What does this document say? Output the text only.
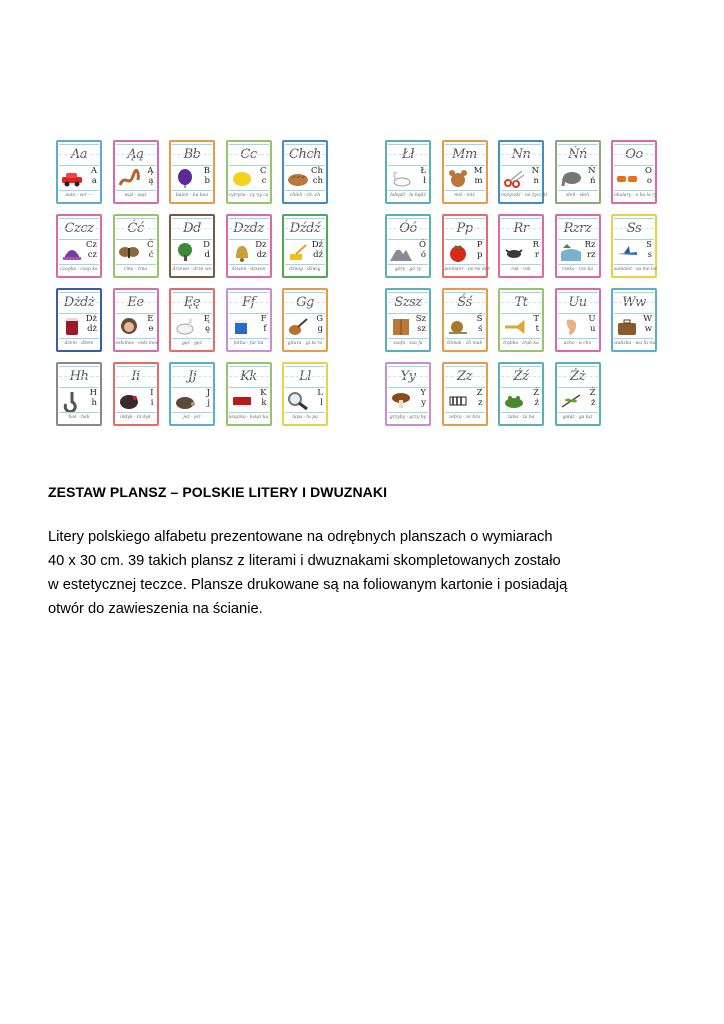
Aa
A
a
auto · ser ···
Ąą
Ą
ą
wąż · wąż
Bb
B
b
balon · ba bao
Cc
C
c
cytryna · cy ny ca
Chch
Ch
ch
chleb · ch..ch
Czcz
Cz
cz
czapka · czap ka
Ćć
Ć
ć
ćma · ćma
Dd
D
d
drzewo · drze wo
Dzdz
Dz
dz
dzwon · dzwon
Dźdź
Dź
dź
dźwig · dźwig
Dżdż
Dż
dż
dżem · dżem
Ee
E
e
eskimos · eski mos
Ęę
Ę
ę
gęś · gęś
Ff
F
f
farba · far ba
Gg
G
g
gitara · gi ta ra
Hh
H
h
hak · hak
Ii
I
i
indyk · in dyk
Jj
J
j
jeż · jeż
Kk
K
k
książka · książ ka
Ll
L
l
lupa · lu pa
Łł
Ł
ł
łabędź · ła będź
Mm
M
m
miś · miś
Nn
N
n
nożyczki · no życz ki
Ńń
Ń
ń
słoń · słoń
Oo
O
o
okulary · o ku la ry
Óó
Ó
ó
góry · gó ry
Pp
P
p
pomidor · po mi dor
Rr
R
r
rak · rak
Rzrz
Rz
rz
rzeka · rze ka
Ss
S
s
samolot · sa mo lot
Szsz
Sz
sz
szafa · sza fa
Śś
Ś
ś
ślimak · śli mak
Tt
T
t
trąbka · trąb ka
Uu
U
u
ucho · u cho
Ww
W
w
walizka · wa liz ka
Yy
Y
y
grzyby · grzy by
Zz
Z
z
zebra · ze bra
Źź
Ź
ź
żaba · ża ba
Żż
Ż
ż
gałąź · ga łąź
ZESTAW PLANSZ – POLSKIE LITERY I DWUZNAKI

Litery polskiego alfabetu prezentowane na odrębnych planszach o wymiarach
40 x 30 cm. 39 takich plansz z literami i dwuznakami skompletowanych zostało
w estetycznej teczce. Plansze drukowane są na foliowanym kartonie i posiadają
otwór do zawieszenia na ścianie.
